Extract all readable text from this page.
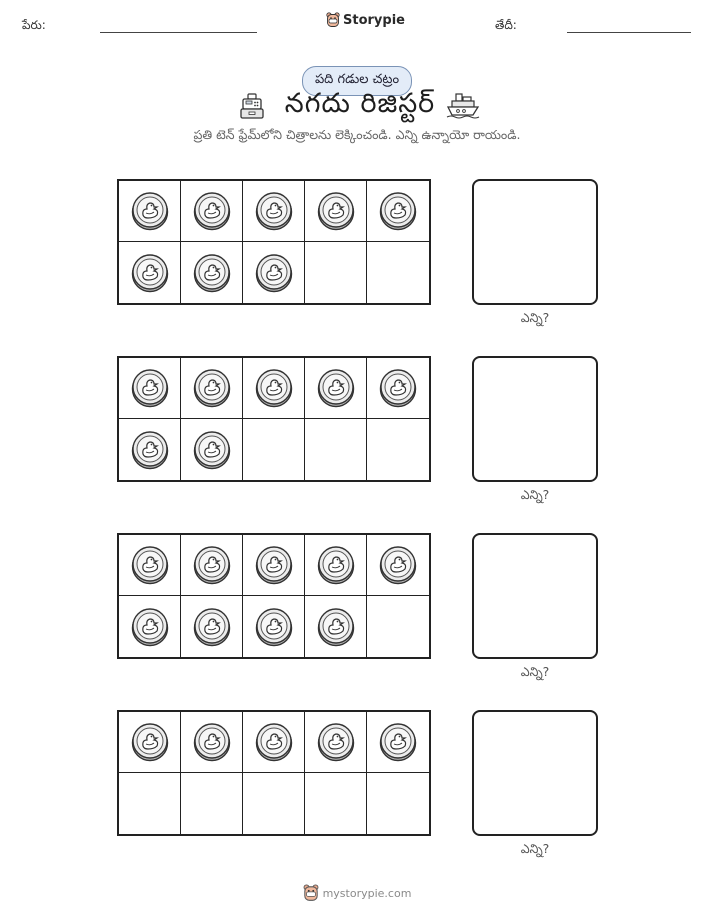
పేరు:	Storypie	తేదీ:
పది గడుల చట్రం
నగదు రిజిస్టర్
ప్రతి టెన్ ఫ్రేమ్‌లోని చిత్రాలను లెక్కించండి. ఎన్ని ఉన్నాయో రాయండి.
ఎన్ని?
ఎన్ని?
ఎన్ని?
ఎన్ని?
mystorypie.com
